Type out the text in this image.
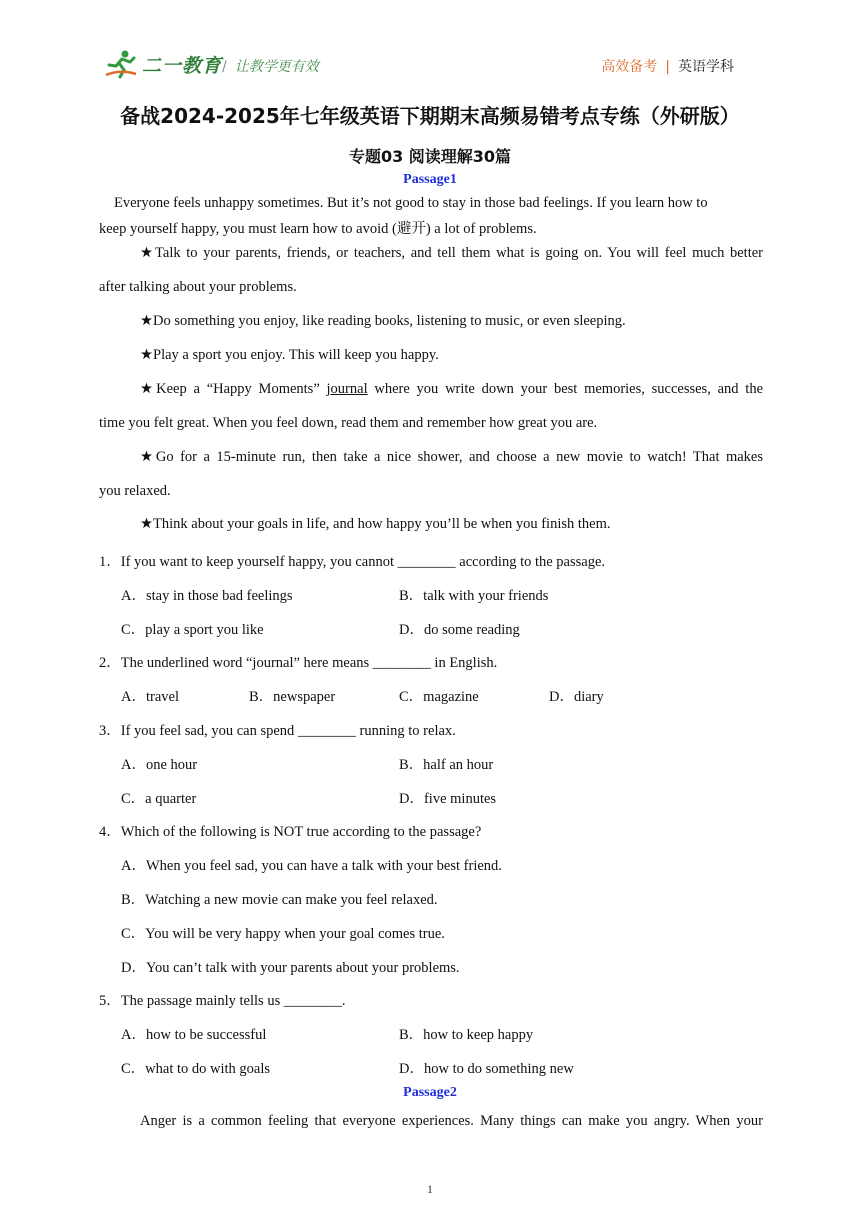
二一教育 / 让教学更有效	高效备考 | 英语学科
备战2024-2025年七年级英语下期期末高频易错考点专练（外研版）
专题03 阅读理解30篇
Passage1
Everyone feels unhappy sometimes. But it’s not good to stay in those bad feelings. If you learn how to
keep yourself happy, you must learn how to avoid (避开) a lot of problems.
★Talk to your parents, friends, or teachers, and tell them what is going on. You will feel much better
after talking about your problems.
★Do something you enjoy, like reading books, listening to music, or even sleeping.
★Play a sport you enjoy. This will keep you happy.
★Keep a “Happy Moments” journal where you write down your best memories, successes, and the
time you felt great. When you feel down, read them and remember how great you are.
★Go for a 15-minute run, then take a nice shower, and choose a new movie to watch! That makes
you relaxed.
★Think about your goals in life, and how happy you’ll be when you finish them.
1．If you want to keep yourself happy, you cannot ________ according to the passage.
A．stay in those bad feelings	B．talk with your friends
C．play a sport you like	D．do some reading
2．The underlined word “journal” here means ________ in English.
A．travel	B．newspaper	C．magazine	D．diary
3．If you feel sad, you can spend ________ running to relax.
A．one hour	B．half an hour
C．a quarter	D．five minutes
4．Which of the following is NOT true according to the passage?
A．When you feel sad, you can have a talk with your best friend.
B．Watching a new movie can make you feel relaxed.
C．You will be very happy when your goal comes true.
D．You can’t talk with your parents about your problems.
5．The passage mainly tells us ________.
A．how to be successful	B．how to keep happy
C．what to do with goals	D．how to do something new
Passage2
Anger is a common feeling that everyone experiences. Many things can make you angry. When your
1
